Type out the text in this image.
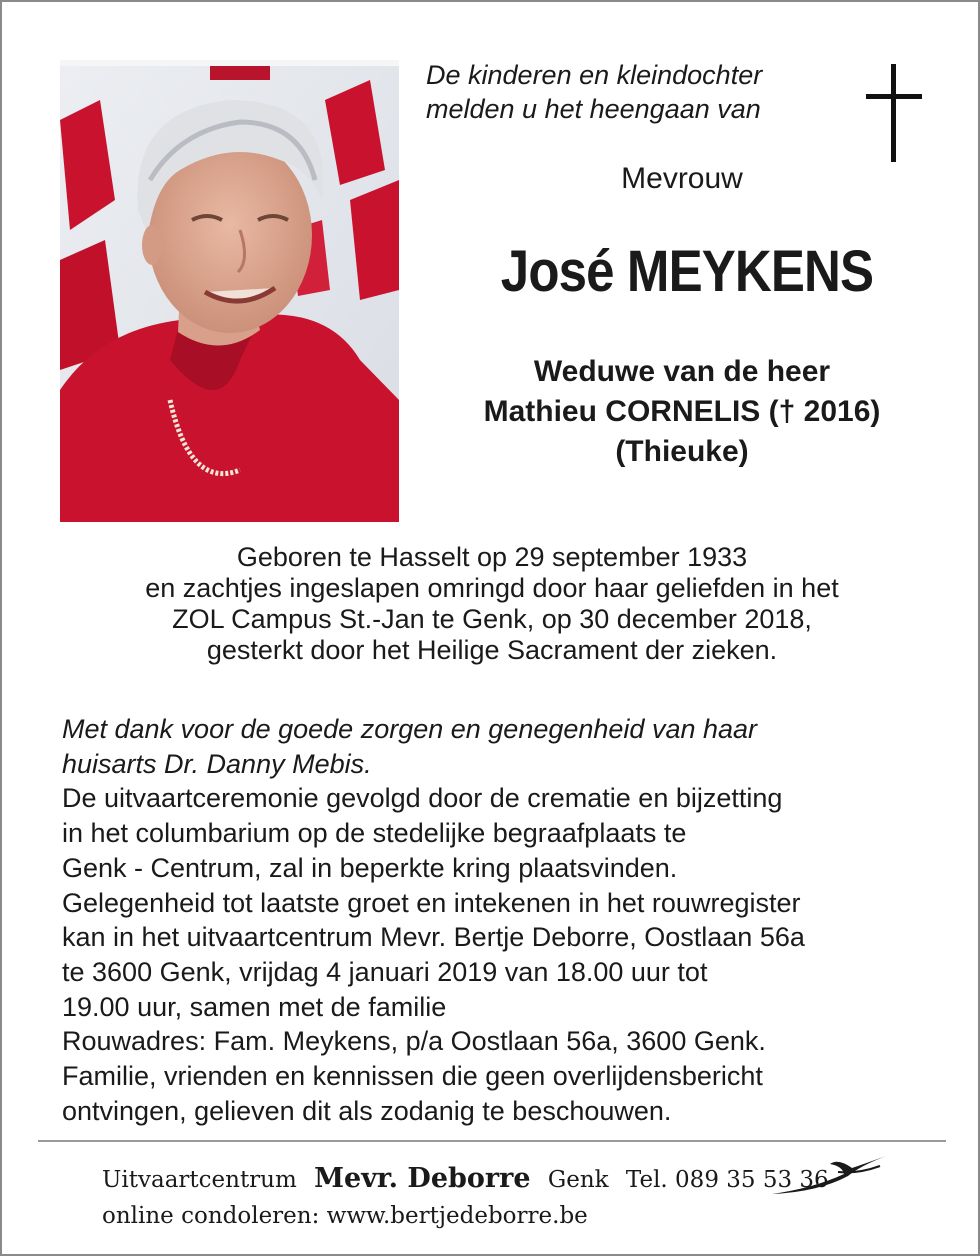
De kinderen en kleindochter
melden u het heengaan van
Mevrouw
José MEYKENS
Weduwe van de heer
Mathieu CORNELIS († 2016)
(Thieuke)
Geboren te Hasselt op 29 september 1933
en zachtjes ingeslapen omringd door haar geliefden in het
ZOL Campus St.-Jan te Genk, op 30 december 2018,
gesterkt door het Heilige Sacrament der zieken.
Met dank voor de goede zorgen en genegenheid van haar
huisarts Dr. Danny Mebis.
De uitvaartceremonie gevolgd door de crematie en bijzetting
in het columbarium op de stedelijke begraafplaats te
Genk - Centrum, zal in beperkte kring plaatsvinden.
Gelegenheid tot laatste groet en intekenen in het rouwregister
kan in het uitvaartcentrum Mevr. Bertje Deborre, Oostlaan 56a
te 3600 Genk, vrijdag 4 januari 2019 van 18.00 uur tot
19.00 uur, samen met de familie
Rouwadres: Fam. Meykens, p/a Oostlaan 56a, 3600 Genk.
Familie, vrienden en kennissen die geen overlijdensbericht
ontvingen, gelieven dit als zodanig te beschouwen.
Uitvaartcentrum Mevr. Deborre Genk Tel. 089 35 53 36
online condoleren: www.bertjedeborre.be
